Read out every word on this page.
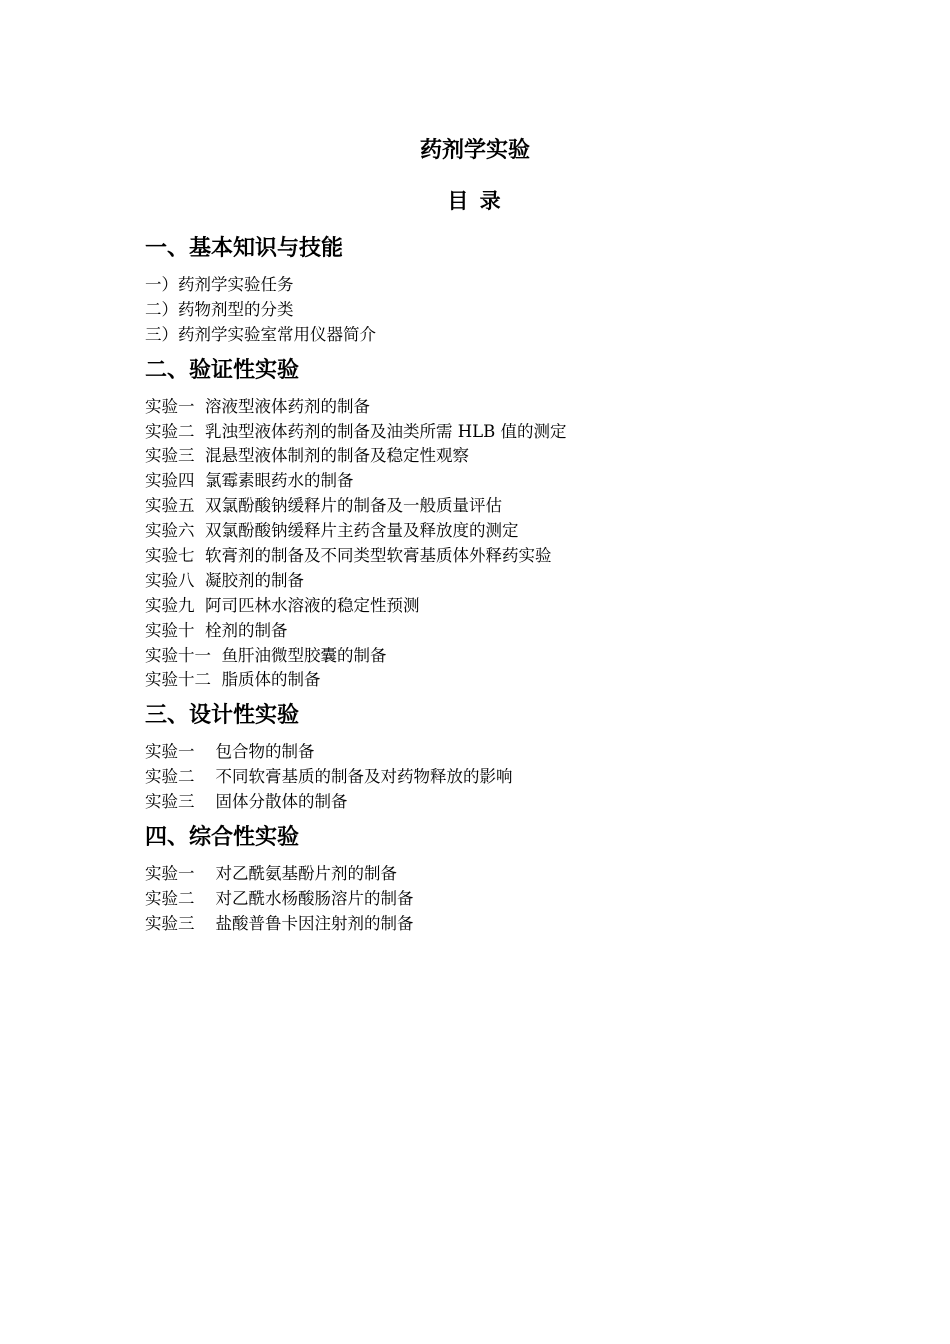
药剂学实验
目 录
一、基本知识与技能
一）药剂学实验任务
二）药物剂型的分类
三）药剂学实验室常用仪器简介
二、验证性实验
实验一 溶液型液体药剂的制备
实验二 乳浊型液体药剂的制备及油类所需 HLB 值的测定
实验三 混悬型液体制剂的制备及稳定性观察
实验四 氯霉素眼药水的制备
实验五 双氯酚酸钠缓释片的制备及一般质量评估
实验六 双氯酚酸钠缓释片主药含量及释放度的测定
实验七 软膏剂的制备及不同类型软膏基质体外释药实验
实验八 凝胶剂的制备
实验九 阿司匹林水溶液的稳定性预测
实验十 栓剂的制备
实验十一 鱼肝油微型胶囊的制备
实验十二 脂质体的制备
三、设计性实验
实验一 包合物的制备
实验二 不同软膏基质的制备及对药物释放的影响
实验三 固体分散体的制备
四、综合性实验
实验一 对乙酰氨基酚片剂的制备
实验二 对乙酰水杨酸肠溶片的制备
实验三 盐酸普鲁卡因注射剂的制备
